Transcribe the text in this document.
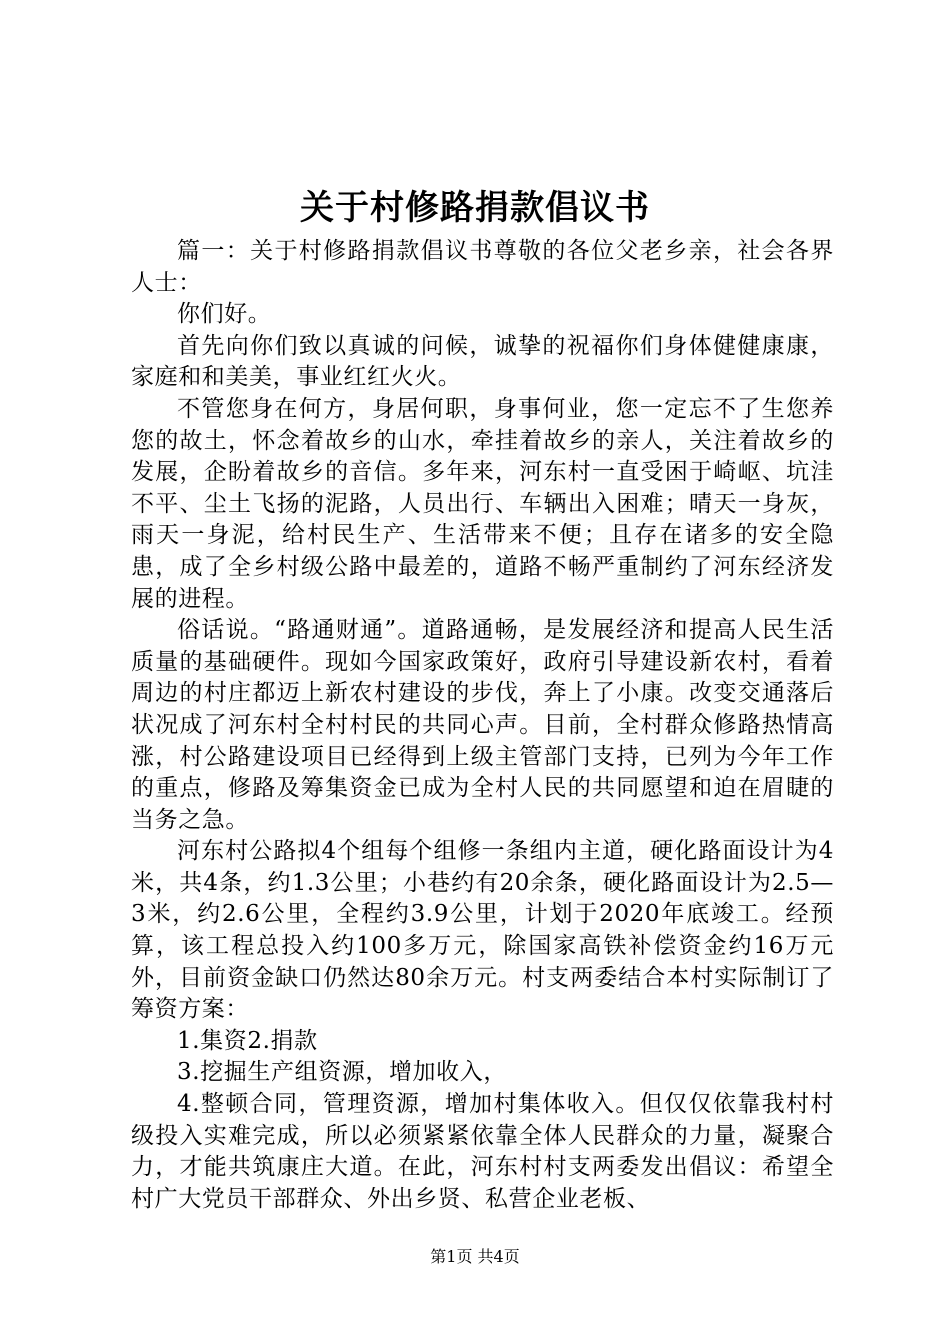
关于村修路捐款倡议书

篇一：关于村修路捐款倡议书尊敬的各位父老乡亲，社会各界人士：

你们好。

首先向你们致以真诚的问候，诚挚的祝福你们身体健健康康，家庭和和美美，事业红红火火。

不管您身在何方，身居何职，身事何业，您一定忘不了生您养您的故土，怀念着故乡的山水，牵挂着故乡的亲人，关注着故乡的发展，企盼着故乡的音信。多年来，河东村一直受困于崎岖、坑洼不平、尘土飞扬的泥路，人员出行、车辆出入困难；晴天一身灰，雨天一身泥，给村民生产、生活带来不便；且存在诸多的安全隐患，成了全乡村级公路中最差的，道路不畅严重制约了河东经济发展的进程。

俗话说。“路通财通”。道路通畅，是发展经济和提高人民生活质量的基础硬件。现如今国家政策好，政府引导建设新农村，看着周边的村庄都迈上新农村建设的步伐，奔上了小康。改变交通落后状况成了河东村全村村民的共同心声。目前，全村群众修路热情高涨，村公路建设项目已经得到上级主管部门支持，已列为今年工作的重点，修路及筹集资金已成为全村人民的共同愿望和迫在眉睫的当务之急。

河东村公路拟4个组每个组修一条组内主道，硬化路面设计为4米，共4条，约1.3公里；小巷约有20余条，硬化路面设计为2.5—3米，约2.6公里，全程约3.9公里，计划于2020年底竣工。经预算，该工程总投入约100多万元，除国家高铁补偿资金约16万元外，目前资金缺口仍然达80余万元。村支两委结合本村实际制订了筹资方案：

1.集资2.捐款

3.挖掘生产组资源，增加收入，

4.整顿合同，管理资源，增加村集体收入。但仅仅依靠我村村级投入实难完成，所以必须紧紧依靠全体人民群众的力量，凝聚合力，才能共筑康庄大道。在此，河东村村支两委发出倡议：希望全村广大党员干部群众、外出乡贤、私营企业老板、

第1页 共4页
